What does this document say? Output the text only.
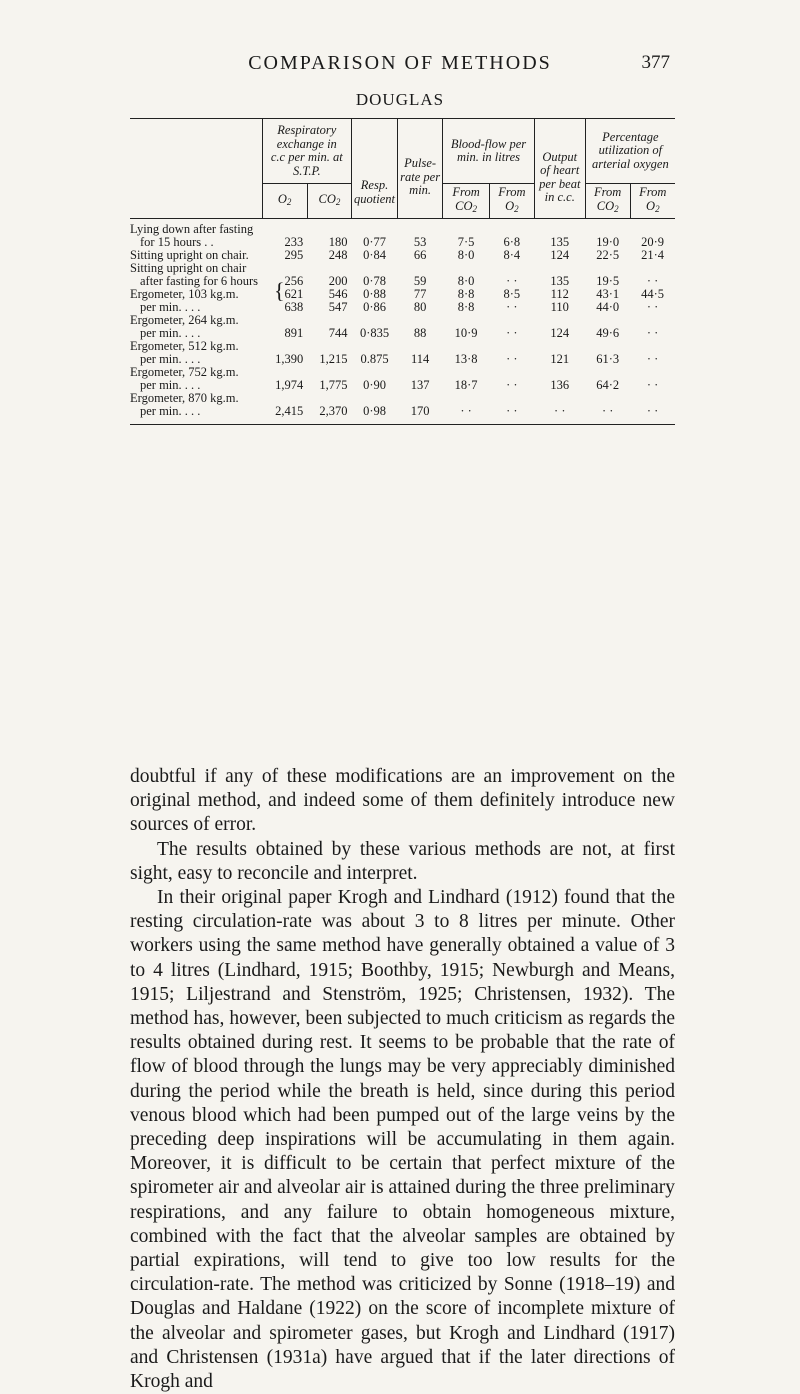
COMPARISON OF METHODS	377
DOUGLAS
	Respiratory exchange in c.c per min. at S.T.P.		Resp. quotient	Pulse-rate per min.	Blood-flow per min. in litres		Output of heart per beat in c.c.	Percentage utilization of arterial oxygen	
	$O_2$	$CO_2$			From $CO_2$	From $O_2$		From $CO_2$	From $O_2$

Lying down after fasting
for 15 hours . .	233	180	0·77	53	7·5	6·8	135	19·0	20·9
Sitting upright on chair.	295	248	0·84	66	8·0	8·4	124	22·5	21·4
Sitting upright on chair
after fasting for 6 hours	256	200	0·78	59	8·0	· ·	135	19·5	· ·
Ergometer, 103 kg.m.	{621	546	0·88	77	8·8	8·5	112	43·1	44·5
per min. . . .	638	547	0·86	80	8·8	· ·	110	44·0	· ·
Ergometer, 264 kg.m.
per min. . . .	891	744	0·835	88	10·9	· ·	124	49·6	· ·
Ergometer, 512 kg.m.
per min. . . .	1,390	1,215	0.875	114	13·8	· ·	121	61·3	· ·
Ergometer, 752 kg.m.
per min. . . .	1,974	1,775	0·90	137	18·7	· ·	136	64·2	· ·
Ergometer, 870 kg.m.
per min. . . .	2,415	2,370	0·98	170	· ·	· ·	· ·	· ·	· ·

doubtful if any of these modifications are an improvement on the original method, and indeed some of them definitely introduce new sources of error.

The results obtained by these various methods are not, at first sight, easy to reconcile and interpret.

In their original paper Krogh and Lindhard (1912) found that the resting circulation-rate was about 3 to 8 litres per minute. Other workers using the same method have generally obtained a value of 3 to 4 litres (Lindhard, 1915; Boothby, 1915; Newburgh and Means, 1915; Liljestrand and Stenström, 1925; Christensen, 1932). The method has, however, been subjected to much criticism as regards the results obtained during rest. It seems to be probable that the rate of flow of blood through the lungs may be very appreciably diminished during the period while the breath is held, since during this period venous blood which had been pumped out of the large veins by the preceding deep inspirations will be accumulating in them again. Moreover, it is difficult to be certain that perfect mixture of the spirometer air and alveolar air is attained during the three preliminary respirations, and any failure to obtain homogeneous mixture, combined with the fact that the alveolar samples are obtained by partial expirations, will tend to give too low results for the circulation-rate. The method was criticized by Sonne (1918–19) and Douglas and Haldane (1922) on the score of incomplete mixture of the alveolar and spirometer gases, but Krogh and Lindhard (1917) and Christensen (1931a) have argued that if the later directions of Krogh and
